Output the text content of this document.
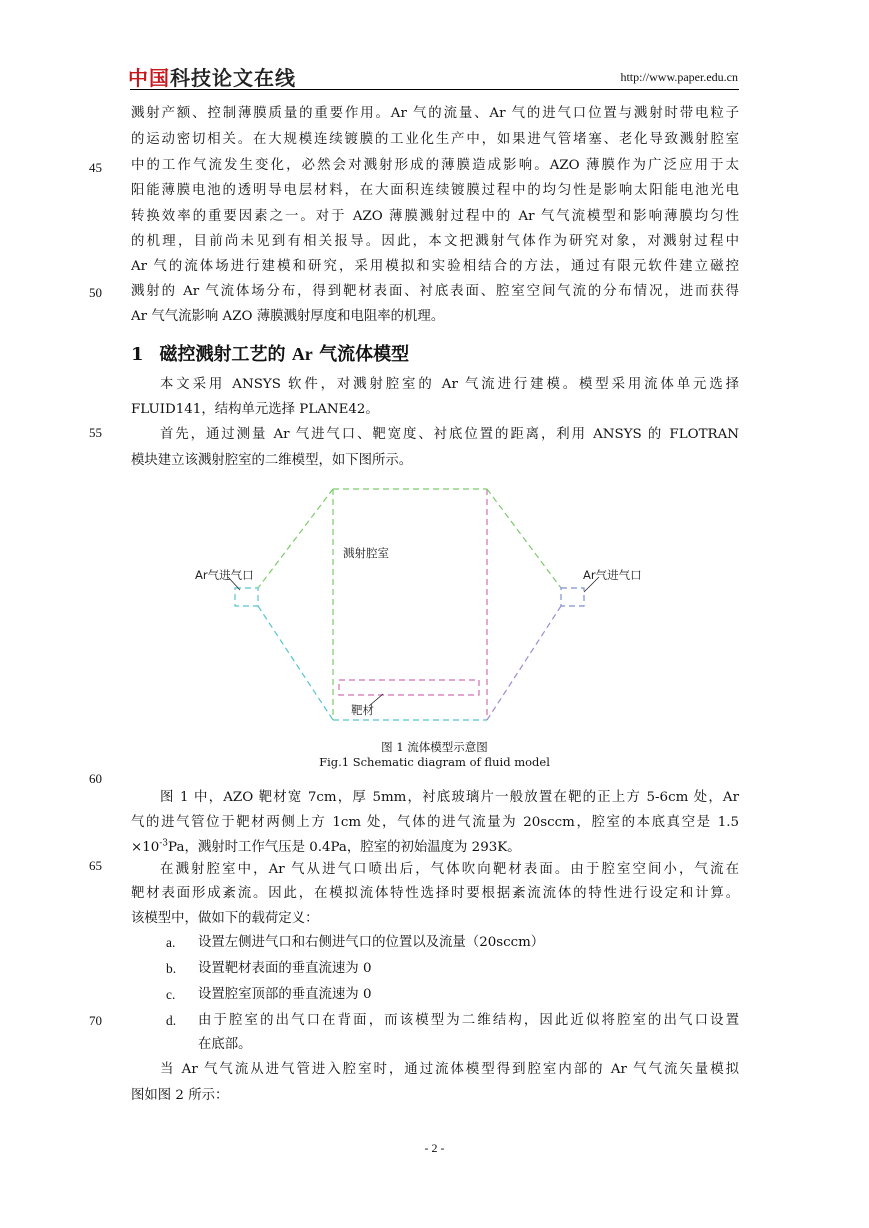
中国科技论文在线	http://www.paper.edu.cn
45
50
55
60
65
70
溅射产额、控制薄膜质量的重要作用。Ar 气的流量、Ar 气的进气口位置与溅射时带电粒子
的运动密切相关。在大规模连续镀膜的工业化生产中，如果进气管堵塞、老化导致溅射腔室
中的工作气流发生变化，必然会对溅射形成的薄膜造成影响。AZO 薄膜作为广泛应用于太
阳能薄膜电池的透明导电层材料，在大面积连续镀膜过程中的均匀性是影响太阳能电池光电
转换效率的重要因素之一。对于 AZO 薄膜溅射过程中的 Ar 气气流模型和影响薄膜均匀性
的机理，目前尚未见到有相关报导。因此，本文把溅射气体作为研究对象，对溅射过程中
Ar 气的流体场进行建模和研究，采用模拟和实验相结合的方法，通过有限元软件建立磁控
溅射的 Ar 气流体场分布，得到靶材表面、衬底表面、腔室空间气流的分布情况，进而获得
Ar 气气流影响 AZO 薄膜溅射厚度和电阻率的机理。
1 磁控溅射工艺的 Ar 气流体模型
本文采用 ANSYS 软件，对溅射腔室的 Ar 气流进行建模。模型采用流体单元选择
FLUID141，结构单元选择 PLANE42。
首先，通过测量 Ar 气进气口、靶宽度、衬底位置的距离，利用 ANSYS 的 FLOTRAN
模块建立该溅射腔室的二维模型，如下图所示。
溅射腔室
Ar气进气口	Ar气进气口
靶材
图 1 流体模型示意图
Fig.1 Schematic diagram of fluid model
图 1 中，AZO 靶材宽 7cm，厚 5mm，衬底玻璃片一般放置在靶的正上方 5-6cm 处，Ar
气的进气管位于靶材两侧上方 1cm 处，气体的进气流量为 20sccm，腔室的本底真空是 1.5
$\times 10^{-3}Pa$，溅射时工作气压是 0.4Pa，腔室的初始温度为 293K。
在溅射腔室中，Ar 气从进气口喷出后，气体吹向靶材表面。由于腔室空间小，气流在
靶材表面形成紊流。因此，在模拟流体特性选择时要根据紊流流体的特性进行设定和计算。
该模型中，做如下的载荷定义：
a. 设置左侧进气口和右侧进气口的位置以及流量（20sccm）
b. 设置靶材表面的垂直流速为 0
c. 设置腔室顶部的垂直流速为 0
d. 由于腔室的出气口在背面，而该模型为二维结构，因此近似将腔室的出气口设置
在底部。
当 Ar 气气流从进气管进入腔室时，通过流体模型得到腔室内部的 Ar 气气流矢量模拟
图如图 2 所示：
- 2 -
